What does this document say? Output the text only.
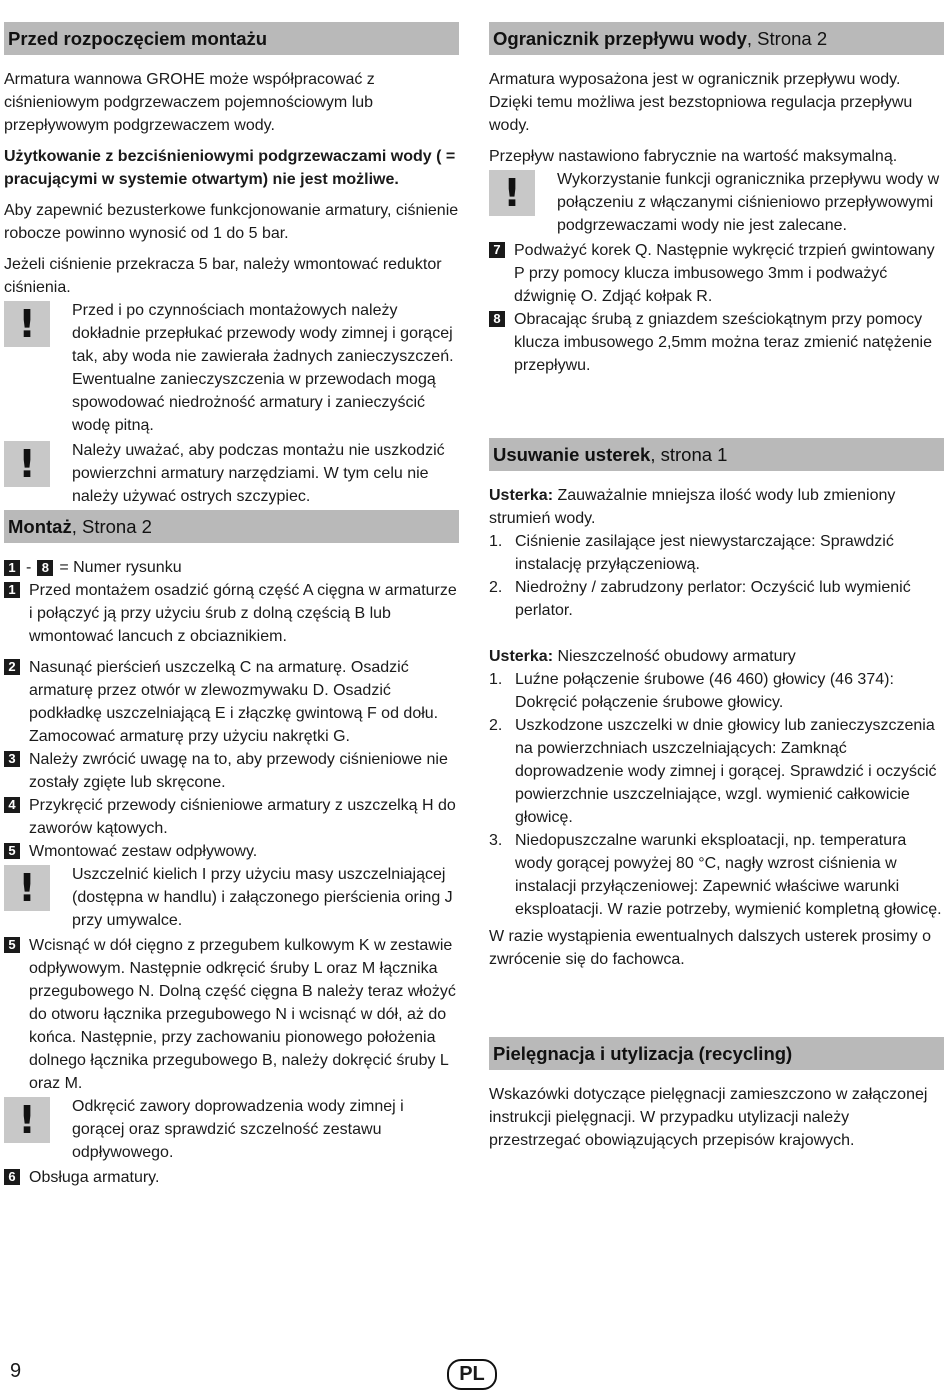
Przed rozpoczęciem montażu

Armatura wannowa GROHE może współpracować z ciśnieniowym podgrzewaczem pojemnościowym lub przepływowym podgrzewaczem wody.

Użytkowanie z bezciśnieniowymi podgrzewaczami wody ( = pracującymi w systemie otwartym) nie jest możliwe.

Aby zapewnić bezusterkowe funkcjonowanie armatury, ciśnienie robocze powinno wynosić od 1 do 5 bar.

Jeżeli ciśnienie przekracza 5 bar, należy wmontować reduktor ciśnienia.

!	Przed i po czynnościach montażowych należy dokładnie przepłukać przewody wody zimnej i gorącej tak, aby woda nie zawierała żadnych zanieczyszczeń. Ewentualne zanieczyszczenia w przewodach mogą spowodować niedrożność armatury i zanieczyścić wodę pitną.
!	Należy uważać, aby podczas montażu nie uszkodzić powierzchni armatury narzędziami. W tym celu nie należy używać ostrych szczypiec.
Montaż, Strona 2
1 - 8 = Numer rysunku
1 Przed montażem osadzić górną część A cięgna w armaturze i połączyć ją przy użyciu śrub z dolną częścią B lub wmontować lancuch z obciaznikiem.
2 Nasunąć pierścień uszczelką C na armaturę. Osadzić armaturę przez otwór w zlewozmywaku D. Osadzić podkładkę uszczelniającą E i złączkę gwintową F od dołu. Zamocować armaturę przy użyciu nakrętki G.
3 Należy zwrócić uwagę na to, aby przewody ciśnieniowe nie zostały zgięte lub skręcone.
4 Przykręcić przewody ciśnieniowe armatury z uszczelką H do zaworów kątowych.
5 Wmontować zestaw odpływowy.
!	Uszczelnić kielich I przy użyciu masy uszczelniającej (dostępna w handlu) i załączonego pierścienia oring J przy umywalce.
5 Wcisnąć w dół cięgno z przegubem kulkowym K w zestawie odpływowym. Następnie odkręcić śruby L oraz M łącznika przegubowego N. Dolną część cięgna B należy teraz włożyć do otworu łącznika przegubowego N i wcisnąć w dół, aż do końca. Następnie, przy zachowaniu pionowego położenia dolnego łącznika przegubowego B, należy dokręcić śruby L oraz M.
!	Odkręcić zawory doprowadzenia wody zimnej i gorącej oraz sprawdzić szczelność zestawu odpływowego.
6 Obsługa armatury.
Ogranicznik przepływu wody, Strona 2

Armatura wyposażona jest w ogranicznik przepływu wody. Dzięki temu możliwa jest bezstopniowa regulacja przepływu wody.

Przepływ nastawiono fabrycznie na wartość maksymalną.

!	Wykorzystanie funkcji ogranicznika przepływu wody w połączeniu z włączanymi ciśnieniowo przepływowymi podgrzewaczami wody nie jest zalecane.
7 Podważyć korek Q. Następnie wykręcić trzpień gwintowany P przy pomocy klucza imbusowego 3mm i podważyć dźwignię O. Zdjąć kołpak R.
8 Obracając śrubą z gniazdem sześciokątnym przy pomocy klucza imbusowego 2,5mm można teraz zmienić natężenie przepływu.
Usuwanie usterek, strona 1

Usterka: Zauważalnie mniejsza ilość wody lub zmieniony strumień wody.

1. Ciśnienie zasilające jest niewystarczające: Sprawdzić instalację przyłączeniową.
2. Niedrożny / zabrudzony perlator: Oczyścić lub wymienić perlator.

Usterka: Nieszczelność obudowy armatury

1. Luźne połączenie śrubowe (46 460) głowicy (46 374): Dokręcić połączenie śrubowe głowicy.
2. Uszkodzone uszczelki w dnie głowicy lub zanieczyszczenia na powierzchniach uszczelniających: Zamknąć doprowadzenie wody zimnej i gorącej. Sprawdzić i oczyścić powierzchnie uszczelniające, wzgl. wymienić całkowicie głowicę.
3. Niedopuszczalne warunki eksploatacji, np. temperatura wody gorącej powyżej 80 °C, nagły wzrost ciśnienia w instalacji przyłączeniowej: Zapewnić właściwe warunki eksploatacji. W razie potrzeby, wymienić kompletną głowicę.

W razie wystąpienia ewentualnych dalszych usterek prosimy o zwrócenie się do fachowca.

Pielęgnacja i utylizacja (recycling)

Wskazówki dotyczące pielęgnacji zamieszczono w załączonej instrukcji pielęgnacji. W przypadku utylizacji należy przestrzegać obowiązujących przepisów krajowych.

9	PL
